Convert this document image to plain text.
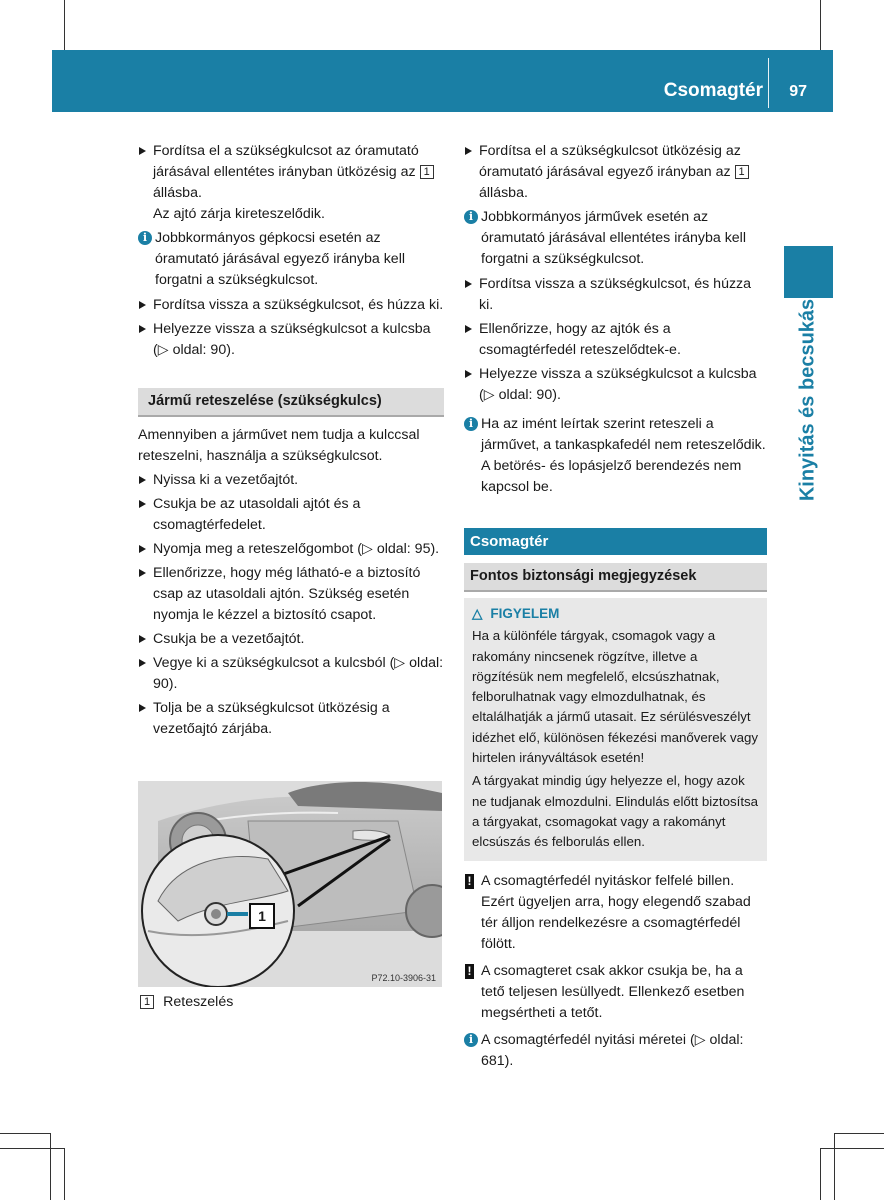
Csomagtér 97
Kinyitás és becsukás
Fordítsa el a szükségkulcsot az óramutató járásával ellentétes irányban ütközésig az 1állásba.
Az ajtó zárja kireteszelődik.
i Jobbkormányos gépkocsi esetén az óramutató járásával egyező irányba kell forgatni a szükségkulcsot.
Fordítsa vissza a szükségkulcsot, és húzza ki.
Helyezze vissza a szükségkulcsot a kulcsba (▷ oldal: 90).
Jármű reteszelése (szükségkulcs)
Amennyiben a járművet nem tudja a kulccsal reteszelni, használja a szükségkulcsot.
Nyissa ki a vezetőajtót.
Csukja be az utasoldali ajtót és a csomagtérfedelet.
Nyomja meg a reteszelőgombot (▷ oldal: 95).
Ellenőrizze, hogy még látható-e a biztosító csap az utasoldali ajtón. Szükség esetén nyomja le kézzel a biztosító csapot.
Csukja be a vezetőajtót.
Vegye ki a szükségkulcsot a kulcsból (▷ oldal: 90).
Tolja be a szükségkulcsot ütközésig a vezetőajtó zárjába.
1
P72.10-3906-31
1 Reteszelés
Fordítsa el a szükségkulcsot ütközésig az óramutató járásával egyező irányban az 1
állásba.
i Jobbkormányos járművek esetén az óramutató járásával ellentétes irányba kell forgatni a szükségkulcsot.
Fordítsa vissza a szükségkulcsot, és húzza ki.
Ellenőrizze, hogy az ajtók és a csomagtérfedél reteszelődtek-e.
Helyezze vissza a szükségkulcsot a kulcsba (▷ oldal: 90).
i Ha az imént leírtak szerint reteszeli a járművet, a tankaspkafedél nem reteszelődik. A betörés- és lopásjelző berendezés nem kapcsol be.
Csomagtér
Fontos biztonsági megjegyzések
△ FIGYELEM
Ha a különféle tárgyak, csomagok vagy a rakomány nincsenek rögzítve, illetve a rögzítésük nem megfelelő, elcsúszhatnak, felborulhatnak vagy elmozdulhatnak, és eltalálhatják a jármű utasait. Ez sérülésveszélyt idézhet elő, különösen fékezési manőverek vagy hirtelen irányváltások esetén!
A tárgyakat mindig úgy helyezze el, hogy azok ne tudjanak elmozdulni. Elindulás előtt biztosítsa a tárgyakat, csomagokat vagy a rakományt elcsúszás és felborulás ellen.
! A csomagtérfedél nyitáskor felfelé billen. Ezért ügyeljen arra, hogy elegendő szabad tér álljon rendelkezésre a csomagtérfedél fölött.
! A csomagteret csak akkor csukja be, ha a tető teljesen lesüllyedt. Ellenkező esetben megsértheti a tetőt.
i A csomagtérfedél nyitási méretei (▷ oldal: 681).
